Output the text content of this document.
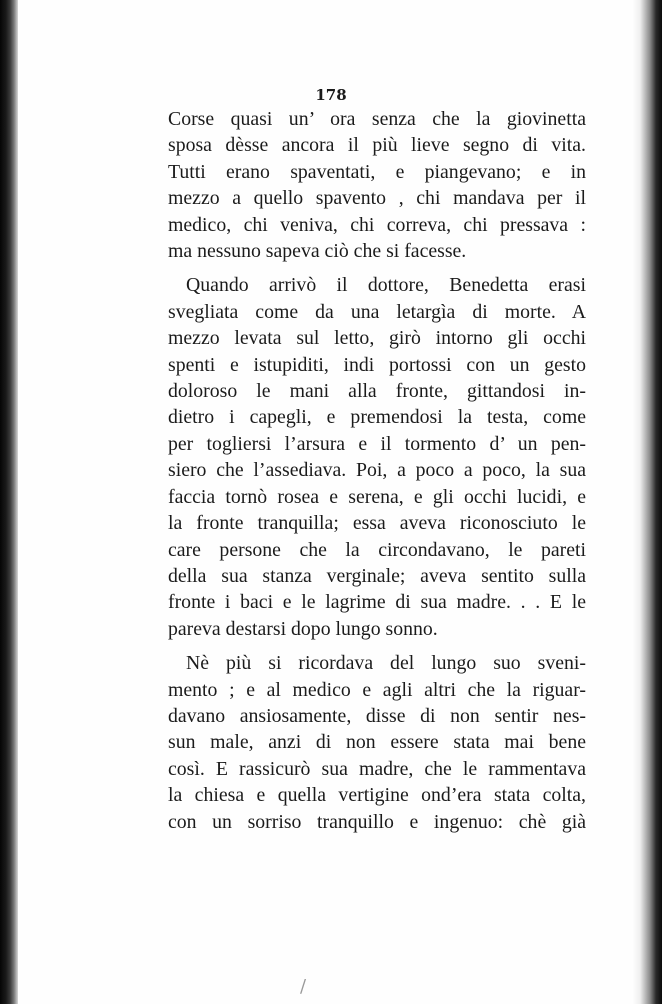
178
Corse quasi un’ ora senza che la giovinetta
sposa dèsse ancora il più lieve segno di vita.
Tutti erano spaventati, e piangevano; e in
mezzo a quello spavento , chi mandava per il
medico, chi veniva, chi correva, chi pressava :
ma nessuno sapeva ciò che si facesse.
Quando arrivò il dottore, Benedetta erasi
svegliata come da una letargìa di morte. A
mezzo levata sul letto, girò intorno gli occhi
spenti e istupiditi, indi portossi con un gesto
doloroso le mani alla fronte, gittandosi in-
dietro i capegli, e premendosi la testa, come
per togliersi l’arsura e il tormento d’ un pen-
siero che l’assediava. Poi, a poco a poco, la sua
faccia tornò rosea e serena, e gli occhi lucidi, e
la fronte tranquilla; essa aveva riconosciuto le
care persone che la circondavano, le pareti
della sua stanza verginale; aveva sentito sulla
fronte i baci e le lagrime di sua madre. . . E le
pareva destarsi dopo lungo sonno.
Nè più si ricordava del lungo suo sveni-
mento ; e al medico e agli altri che la riguar-
davano ansiosamente, disse di non sentir nes-
sun male, anzi di non essere stata mai bene
così. E rassicurò sua madre, che le rammentava
la chiesa e quella vertigine ond’era stata colta,
con un sorriso tranquillo e ingenuo: chè già
/
